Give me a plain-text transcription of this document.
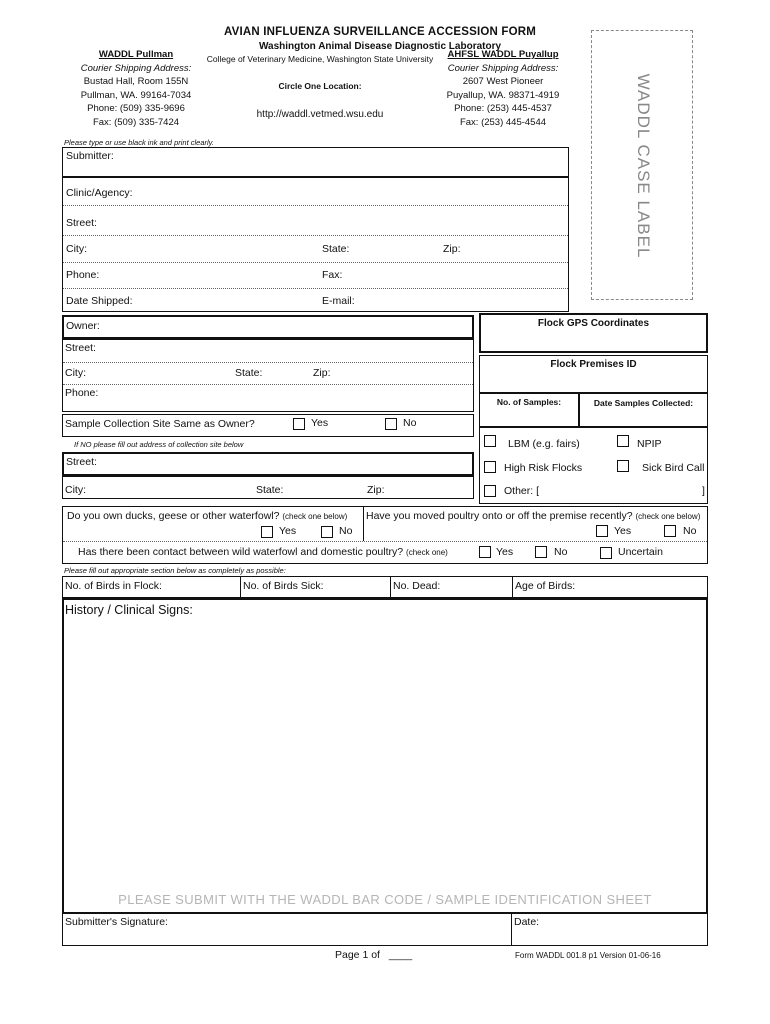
AVIAN INFLUENZA SURVEILLANCE ACCESSION FORM
Washington Animal Disease Diagnostic Laboratory
College of Veterinary Medicine, Washington State University
WADDL Pullman
Courier Shipping Address:
Bustad Hall, Room 155N
Pullman, WA. 99164-7034
Phone: (509) 335-9696
Fax: (509) 335-7424
Circle One Location:
http://waddl.vetmed.wsu.edu
AHFSL WADDL Puyallup
Courier Shipping Address:
2607 West Pioneer
Puyallup, WA. 98371-4919
Phone: (253) 445-4537
Fax: (253) 445-4544	WADDL CASE LABEL
Please type or use black ink and print clearly.
Submitter:
Clinic/Agency:
Street:
City:	State:	Zip:
Phone:	Fax:
Date Shipped:	E-mail:
Owner:
Street:
City:	State:	Zip:
Phone:
Flock GPS Coordinates
Flock Premises ID
No. of Samples:	Date Samples Collected:
Sample Collection Site Same as Owner?	Yes	No
If NO please fill out address of collection site below
Street:
City:	State:	Zip:
LBM (e.g. fairs)	NPIP
High Risk Flocks	Sick Bird Call
Other: [	]
Do you own ducks, geese or other waterfowl? (check one below)
Yes	No
Have you moved poultry onto or off the premise recently? (check one below)
Yes	No
Has there been contact between wild waterfowl and domestic poultry? (check one)	Yes	No	Uncertain
Please fill out appropriate section below as completely as possible:
No. of Birds in Flock:	No. of Birds Sick:	No. Dead:	Age of Birds:
History / Clinical Signs:
PLEASE SUBMIT WITH THE WADDL BAR CODE / SAMPLE IDENTIFICATION SHEET
Submitter's Signature:	Date:
Page 1 of ____	Form WADDL 001.8 p1 Version 01-06-16
